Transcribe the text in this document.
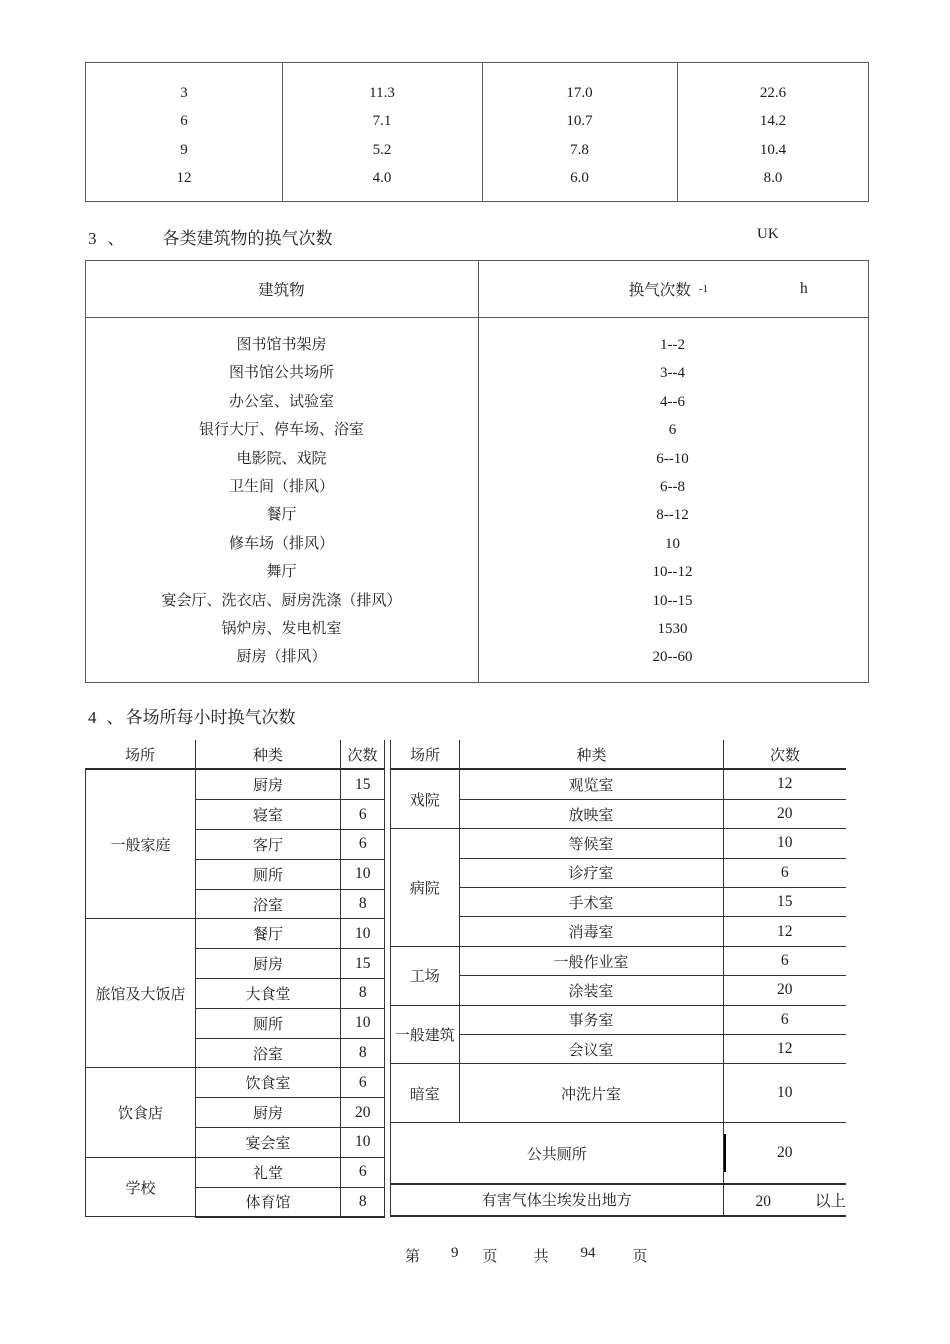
3	11.3	17.0	22.6
6	7.1	10.7	14.2
9	5.2	7.8	10.4
12	4.0	6.0	8.0
3 、 各类建筑物的换气次数	UK
建筑物	换气次数 -1	h
图书馆书架房	1--2
图书馆公共场所	3--4
办公室、试验室	4--6
银行大厅、停车场、浴室	6
电影院、戏院	6--10
卫生间（排风）	6--8
餐厅	8--12
修车场（排风）	10
舞厅	10--12
宴会厅、洗衣店、厨房洗涤（排风）	10--15
锅炉房、发电机室	1530
厨房（排风）	20--60
4 、 各场所每小时换气次数
场所	种类	次数
一般家庭	厨房	15
	寝室	6
	客厅	6
	厕所	10
	浴室	8
旅馆及大饭店	餐厅	10
	厨房	15
	大食堂	8
	厕所	10
	浴室	8
饮食店	饮食室	6
	厨房	20
	宴会室	10
学校	礼堂	6
	体育馆	8
场所	种类	次数
戏院	观览室	12
	放映室	20
病院	等候室	10
	诊疗室	6
	手术室	15
	消毒室	12
工场	一般作业室	6
	涂装室	20
一般建筑	事务室	6
	会议室	12
暗室	冲洗片室	10
公共厕所		20
有害气体尘埃发出地方		20 以上
第 9 页 共 94 页
